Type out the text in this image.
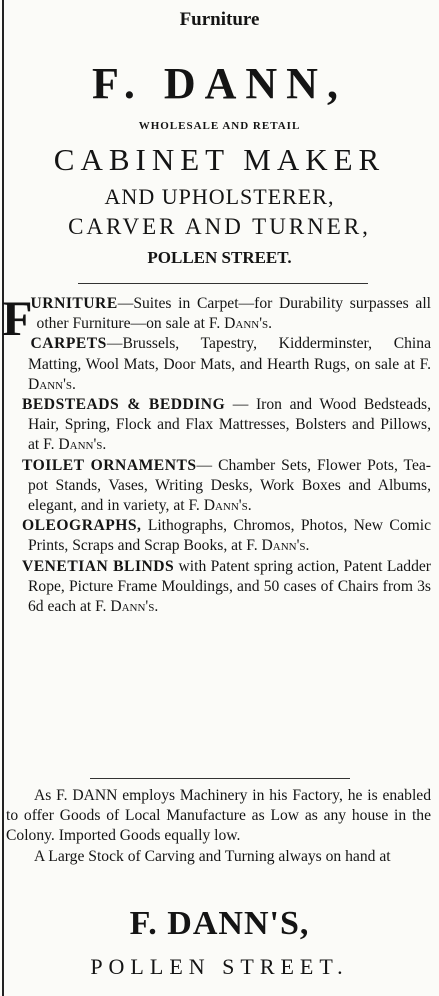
Furniture
F. DANN,
WHOLESALE AND RETAIL
CABINET MAKER
AND UPHOLSTERER,
CARVER AND TURNER,
POLLEN STREET.

F
URNITURE—Suites in Carpet—for Durability surpasses all other Furniture—on sale at F. Dann's.

CARPETS—Brussels, Tapestry, Kidderminster, China Matting, Wool Mats, Door Mats, and Hearth Rugs, on sale at F. Dann's.

BEDSTEADS & BEDDING — Iron and Wood Bedsteads, Hair, Spring, Flock and Flax Mattresses, Bolsters and Pillows, at F. Dann's.

TOILET ORNAMENTS— Chamber Sets, Flower Pots, Tea-pot Stands, Vases, Writing Desks, Work Boxes and Albums, elegant, and in variety, at F. Dann's.

OLEOGRAPHS, Lithographs, Chromos, Photos, New Comic Prints, Scraps and Scrap Books, at F. Dann's.

VENETIAN BLINDS with Patent spring action, Patent Ladder Rope, Picture Frame Mouldings, and 50 cases of Chairs from 3s 6d each at F. Dann's.

As F. DANN employs Machinery in his Factory, he is enabled to offer Goods of Local Manufacture as Low as any house in the Colony. Imported Goods equally low.

A Large Stock of Carving and Turning always on hand at

F. DANN'S,
POLLEN STREET.
